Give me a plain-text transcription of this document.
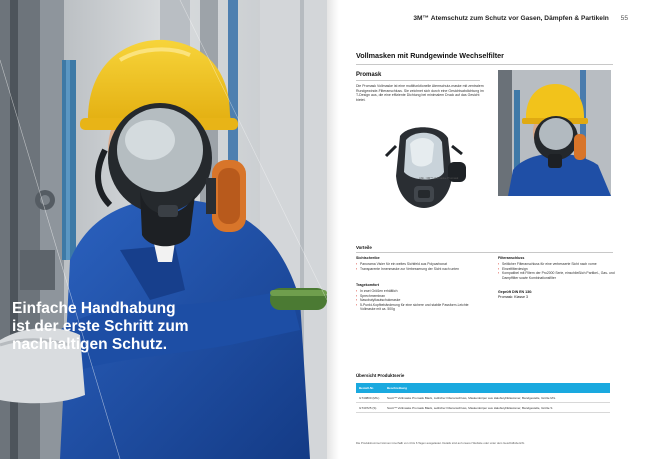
Einfache Handhabung
ist der erste Schritt zum
nachhaltigen Schutz.
3M™ Atemschutz zum Schutz vor Gasen, Dämpfen & Partikeln 55
Vollmasken mit Rundgewinde Wechselfilter
Promask

Die Promask Vollmaske ist eine multifunktionelle Atemschutz-maske mit zentralem Rundgewinde-Filteranschluss. Sie zeichnet sich durch eine Gesichtsabdichtung im T-Design aus, die eine effiziente Dichtung bei minimalem Druck auf das Gesicht bietet.

Abb.: 3M™ Vollmaske Promask
Vorteile
Sichtschreibe
› Panorama Visier für ein weites Sichtfeld aus Polycarbonat
› Transparente Innenmaske zur Verbesserung der Sicht nach unten
Tragekomfort
› In zwei Größen erhältlich
› Sprechmembran
› Nasobutylkautschukmaske
› 5-Punkt-Kopfbebänderung für eine sichere und stabile Passform-Leichte Vollmaske mit ca. 500g
Filteranschluss
› Seitlicher Filteranschluss für eine verbesserte Sicht nach vorne
› Einzelfilterdesign
› Kompatibel mit Filtern der Pro2000 Serie, einschließlich Partikel-, Gas- und Dampffilter sowie Kombinationsfilter
Geprüft DIN EN 136:
Promask: Klasse 3
Übersicht Produktserie
Bestell-Nr.	Beschreibung
GT40800 (M/L)	Scott™ Vollmaske Promask Black, zeitlicher Filteranschluss, Maskenkörper aus Halobutyl/Elastomer, Bandgestelle, Größe M/L
GT40725 (S)	Scott™ Vollmaske Promask Black, seitlicher Filteranschluss, Maskenkörper aus Halobutyl/Elastomer, Bandgestelle, Größe S
Die Produktnummer können innerhalb von 4 bis 6 Tagen ausgelastet. Details sind auf unserer Website oder unter dem Geschäftsbericht.
